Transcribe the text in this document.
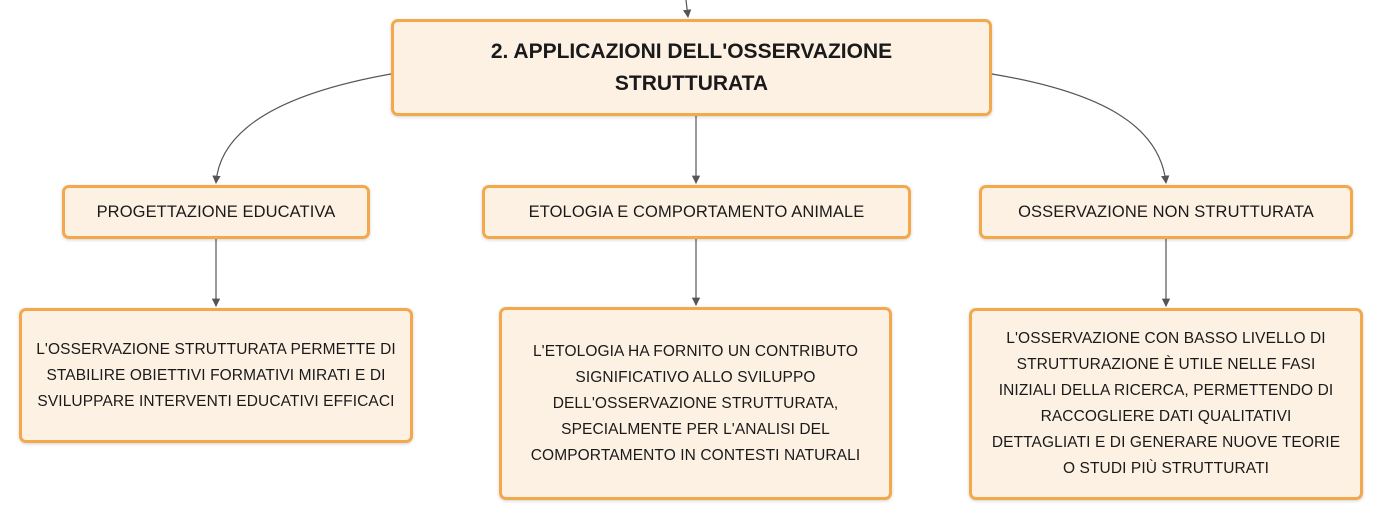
2. APPLICAZIONI DELL'OSSERVAZIONE
STRUTTURATA
PROGETTAZIONE EDUCATIVA	ETOLOGIA E COMPORTAMENTO ANIMALE	OSSERVAZIONE NON STRUTTURATA
L'OSSERVAZIONE STRUTTURATA PERMETTE DI
STABILIRE OBIETTIVI FORMATIVI MIRATI E DI
SVILUPPARE INTERVENTI EDUCATIVI EFFICACI
L'ETOLOGIA HA FORNITO UN CONTRIBUTO
SIGNIFICATIVO ALLO SVILUPPO
DELL'OSSERVAZIONE STRUTTURATA,
SPECIALMENTE PER L'ANALISI DEL
COMPORTAMENTO IN CONTESTI NATURALI
L'OSSERVAZIONE CON BASSO LIVELLO DI
STRUTTURAZIONE È UTILE NELLE FASI
INIZIALI DELLA RICERCA, PERMETTENDO DI
RACCOGLIERE DATI QUALITATIVI
DETTAGLIATI E DI GENERARE NUOVE TEORIE
O STUDI PIÙ STRUTTURATI
